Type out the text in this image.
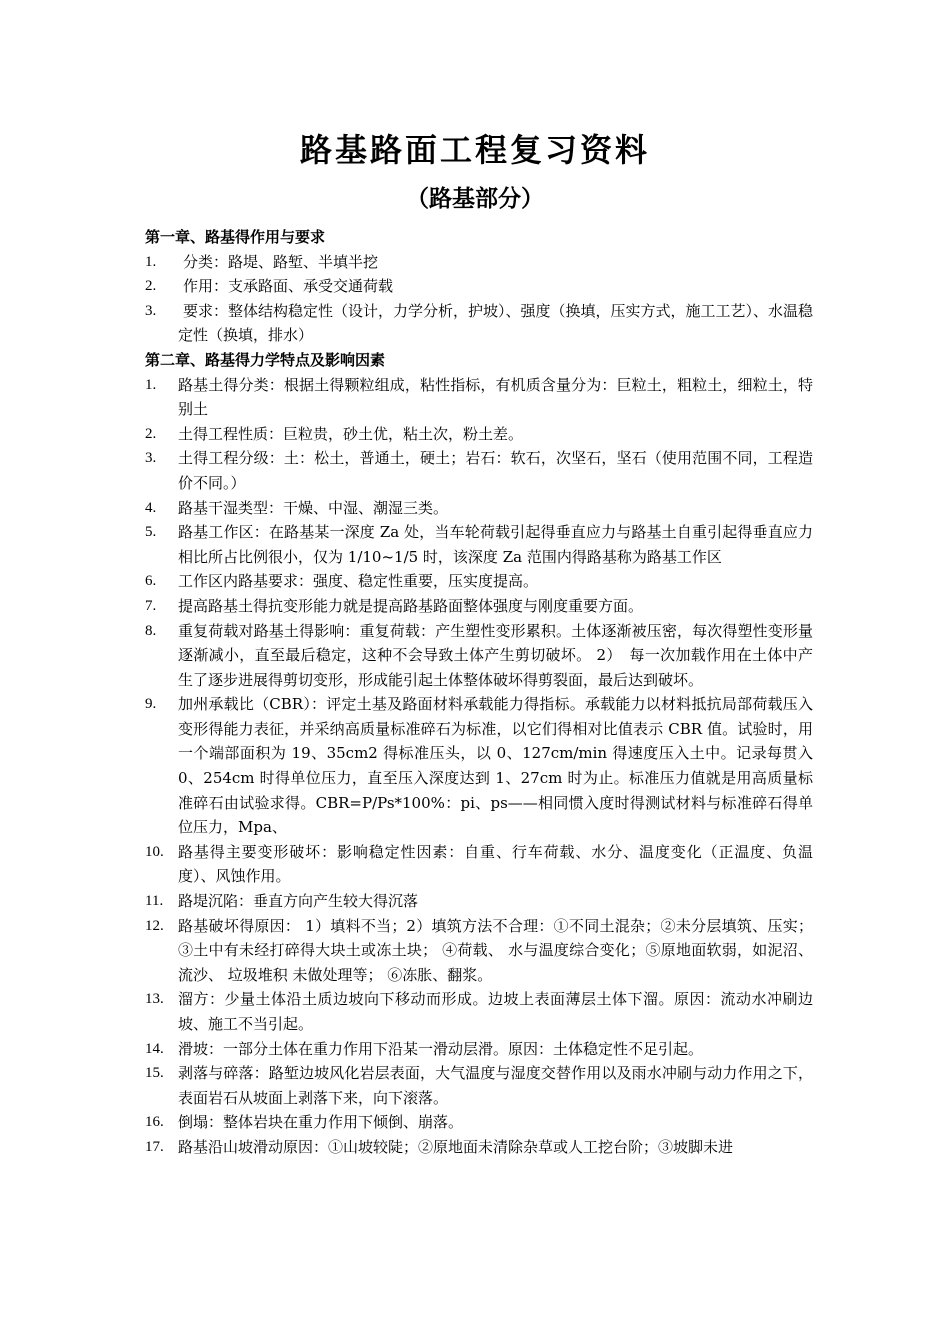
路基路面工程复习资料
（路基部分）
第一章、路基得作用与要求
1. 分类：路堤、路堑、半填半挖
2. 作用：支承路面、承受交通荷载
3. 要求：整体结构稳定性（设计，力学分析，护坡）、强度（换填，压实方式，施工工艺）、水温稳定性（换填，排水）
第二章、路基得力学特点及影响因素
1. 路基土得分类：根据土得颗粒组成，粘性指标，有机质含量分为：巨粒土，粗粒土，细粒土，特别土
2. 土得工程性质：巨粒贵，砂土优，粘土次，粉土差。
3. 土得工程分级：土：松土，普通土，硬土；岩石：软石，次坚石，坚石（使用范围不同，工程造价不同。）
4. 路基干湿类型：干燥、中湿、潮湿三类。
5. 路基工作区：在路基某一深度 Za 处，当车轮荷载引起得垂直应力与路基土自重引起得垂直应力相比所占比例很小，仅为 1/10~1/5 时，该深度 Za 范围内得路基称为路基工作区
6. 工作区内路基要求：强度、稳定性重要，压实度提高。
7. 提高路基土得抗变形能力就是提高路基路面整体强度与刚度重要方面。
8. 重复荷载对路基土得影响：重复荷载：产生塑性变形累积。土体逐渐被压密，每次得塑性变形量逐渐减小，直至最后稳定，这种不会导致土体产生剪切破坏。 2）　每一次加载作用在土体中产生了逐步进展得剪切变形，形成能引起土体整体破坏得剪裂面，最后达到破坏。
9. 加州承载比（CBR）：评定土基及路面材料承载能力得指标。承载能力以材料抵抗局部荷载压入变形得能力表征，并采纳高质量标准碎石为标准，以它们得相对比值表示 CBR 值。试验时，用一个端部面积为 19、35cm2 得标准压头，以 0、127cm/min 得速度压入土中。记录每贯入 0、254cm 时得单位压力，直至压入深度达到 1、27cm 时为止。标准压力值就是用高质量标准碎石由试验求得。CBR=P/Ps*100%：pi、ps——相同惯入度时得测试材料与标准碎石得单位压力，Mpa、
10. 路基得主要变形破坏：影响稳定性因素：自重、行车荷载、水分、温度变化（正温度、负温度）、风蚀作用。
11. 路堤沉陷：垂直方向产生较大得沉落
12. 路基破坏得原因： 1）填料不当；2）填筑方法不合理：①不同土混杂；②未分层填筑、压实；③土中有未经打碎得大块土或冻土块； ④荷载、 水与温度综合变化；⑤原地面软弱，如泥沼、流沙、 垃圾堆积 未做处理等； ⑥冻胀、翻浆。
13. 溜方：少量土体沿土质边坡向下移动而形成。边坡上表面薄层土体下溜。原因：流动水冲刷边坡、施工不当引起。
14. 滑坡：一部分土体在重力作用下沿某一滑动层滑。原因：土体稳定性不足引起。
15. 剥落与碎落：路堑边坡风化岩层表面，大气温度与湿度交替作用以及雨水冲刷与动力作用之下，表面岩石从坡面上剥落下来，向下滚落。
16. 倒塌：整体岩块在重力作用下倾倒、崩落。
17. 路基沿山坡滑动原因：①山坡较陡；②原地面未清除杂草或人工挖台阶；③坡脚未进
